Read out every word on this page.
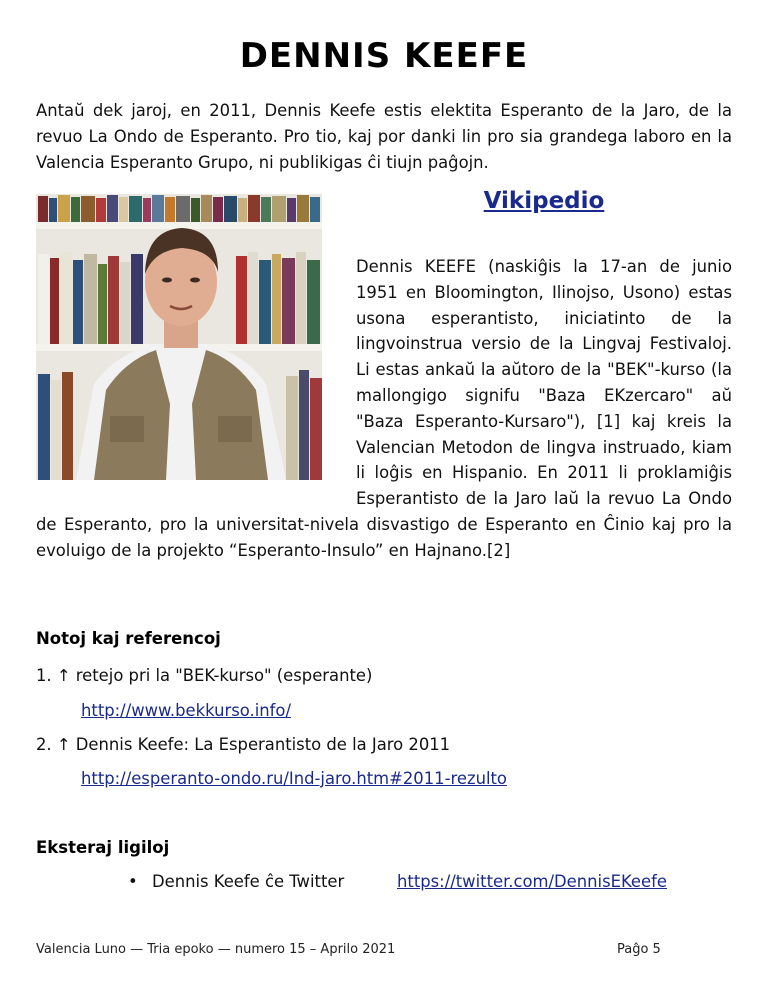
DENNIS KEEFE
Antaŭ dek jaroj, en 2011, Dennis Keefe estis elektita Esperanto de la Jaro, de la revuo La Ondo de Esperanto. Pro tio, kaj por danki lin pro sia grandega laboro en la Valencia Esperanto Grupo, ni publikigas ĉi tiujn paĝojn.
Vikipedio
Dennis KEEFE (naskiĝis la 17-an de junio 1951 en Bloomington, Ilinojso, Usono) estas usona esperantisto, iniciatinto de la lingvoinstrua versio de la Lingvaj Festivaloj. Li estas ankaŭ la aŭtoro de la "BEK"-kurso (la mallongigo signifu "Baza EKzercaro" aŭ "Baza Esperanto-Kursaro"), [1] kaj kreis la Valencian Metodon de lingva instruado, kiam li loĝis en Hispanio. En 2011 li proklamiĝis Esperantisto de la Jaro laŭ la revuo La Ondo de Esperanto, pro la universitat-nivela disvastigo de Esperanto en Ĉinio kaj pro la evoluigo de la projekto “Esperanto-Insulo” en Hajnano.[2]
Notoj kaj referencoj
1. ↑ retejo pri la "BEK-kurso" (esperante)
http://www.bekkurso.info/
2. ↑ Dennis Keefe: La Esperantisto de la Jaro 2011
http://esperanto-ondo.ru/Ind-jaro.htm#2011-rezulto
Eksteraj ligiloj
• Dennis Keefe ĉe Twitter	https://twitter.com/DennisEKeefe
Valencia Luno — Tria epoko — numero 15 – Aprilo 2021	Paĝo 5
